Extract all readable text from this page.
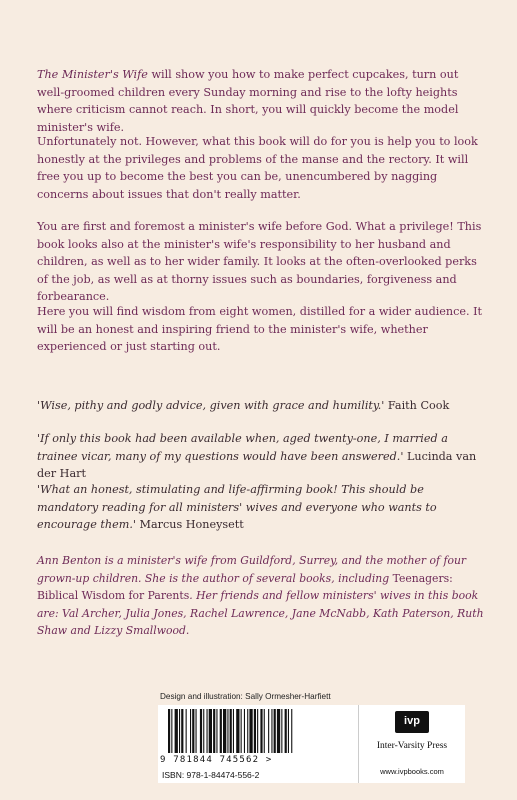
The Minister's Wife will show you how to make perfect cupcakes, turn out well-groomed children every Sunday morning and rise to the lofty heights where criticism cannot reach. In short, you will quickly become the model minister's wife.

Unfortunately not. However, what this book will do for you is help you to look honestly at the privileges and problems of the manse and the rectory. It will free you up to become the best you can be, unencumbered by nagging concerns about issues that don't really matter.

You are first and foremost a minister's wife before God. What a privilege! This book looks also at the minister's wife's responsibility to her husband and children, as well as to her wider family. It looks at the often-overlooked perks of the job, as well as at thorny issues such as boundaries, forgiveness and forbearance.

Here you will find wisdom from eight women, distilled for a wider audience. It will be an honest and inspiring friend to the minister's wife, whether experienced or just starting out.

'Wise, pithy and godly advice, given with grace and humility.' Faith Cook

'If only this book had been available when, aged twenty-one, I married a trainee vicar, many of my questions would have been answered.' Lucinda van der Hart

'What an honest, stimulating and life-affirming book! This should be mandatory reading for all ministers' wives and everyone who wants to encourage them.' Marcus Honeysett

Ann Benton is a minister's wife from Guildford, Surrey, and the mother of four grown-up children. She is the author of several books, including Teenagers: Biblical Wisdom for Parents. Her friends and fellow ministers' wives in this book are: Val Archer, Julia Jones, Rachel Lawrence, Jane McNabb, Kath Paterson, Ruth Shaw and Lizzy Smallwood.

Design and illustration: Sally Ormesher-Harfiett
9 781844 745562 >
ISBN: 978-1-84474-556-2
ivp
Inter-Varsity Press
www.ivpbooks.com
